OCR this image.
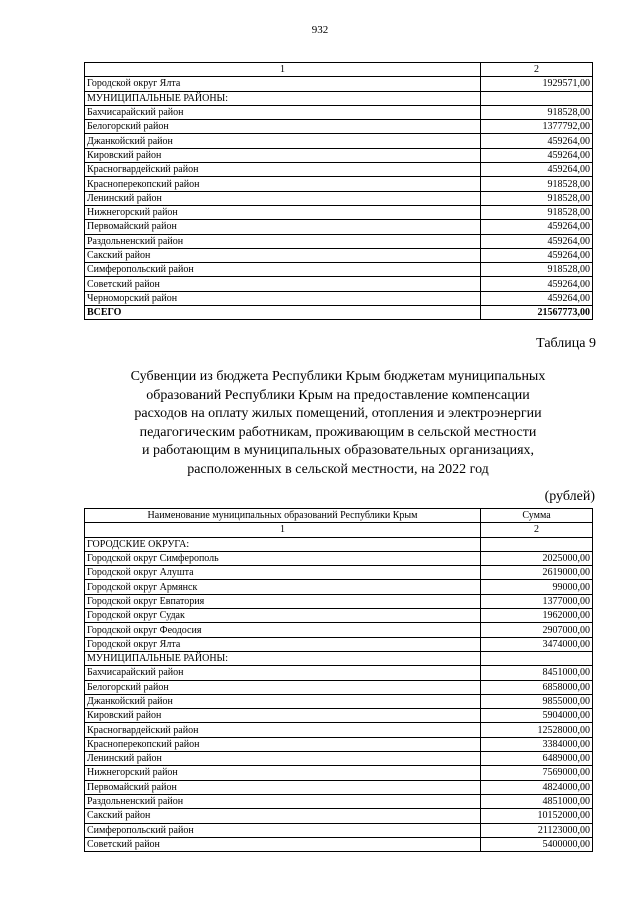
932
1	2
Городской округ Ялта	1929571,00
МУНИЦИПАЛЬНЫЕ РАЙОНЫ:	
Бахчисарайский район	918528,00
Белогорский район	1377792,00
Джанкойский район	459264,00
Кировский район	459264,00
Красногвардейский район	459264,00
Красноперекопский район	918528,00
Ленинский район	918528,00
Нижнегорский район	918528,00
Первомайский район	459264,00
Раздольненский район	459264,00
Сакский район	459264,00
Симферопольский район	918528,00
Советский район	459264,00
Черноморский район	459264,00
ВСЕГО	21567773,00
Таблица 9
Субвенции из бюджета Республики Крым бюджетам муниципальных
образований Республики Крым на предоставление компенсации
расходов на оплату жилых помещений, отопления и электроэнергии
педагогическим работникам, проживающим в сельской местности
и работающим в муниципальных образовательных организациях,
расположенных в сельской местности, на 2022 год
(рублей)
Наименование муниципальных образований Республики Крым	Сумма
1	2
ГОРОДСКИЕ ОКРУГА:	
Городской округ Симферополь	2025000,00
Городской округ Алушта	2619000,00
Городской округ Армянск	99000,00
Городской округ Евпатория	1377000,00
Городской округ Судак	1962000,00
Городской округ Феодосия	2907000,00
Городской округ Ялта	3474000,00
МУНИЦИПАЛЬНЫЕ РАЙОНЫ:	
Бахчисарайский район	8451000,00
Белогорский район	6858000,00
Джанкойский район	9855000,00
Кировский район	5904000,00
Красногвардейский район	12528000,00
Красноперекопский район	3384000,00
Ленинский район	6489000,00
Нижнегорский район	7569000,00
Первомайский район	4824000,00
Раздольненский район	4851000,00
Сакский район	10152000,00
Симферопольский район	21123000,00
Советский район	5400000,00
